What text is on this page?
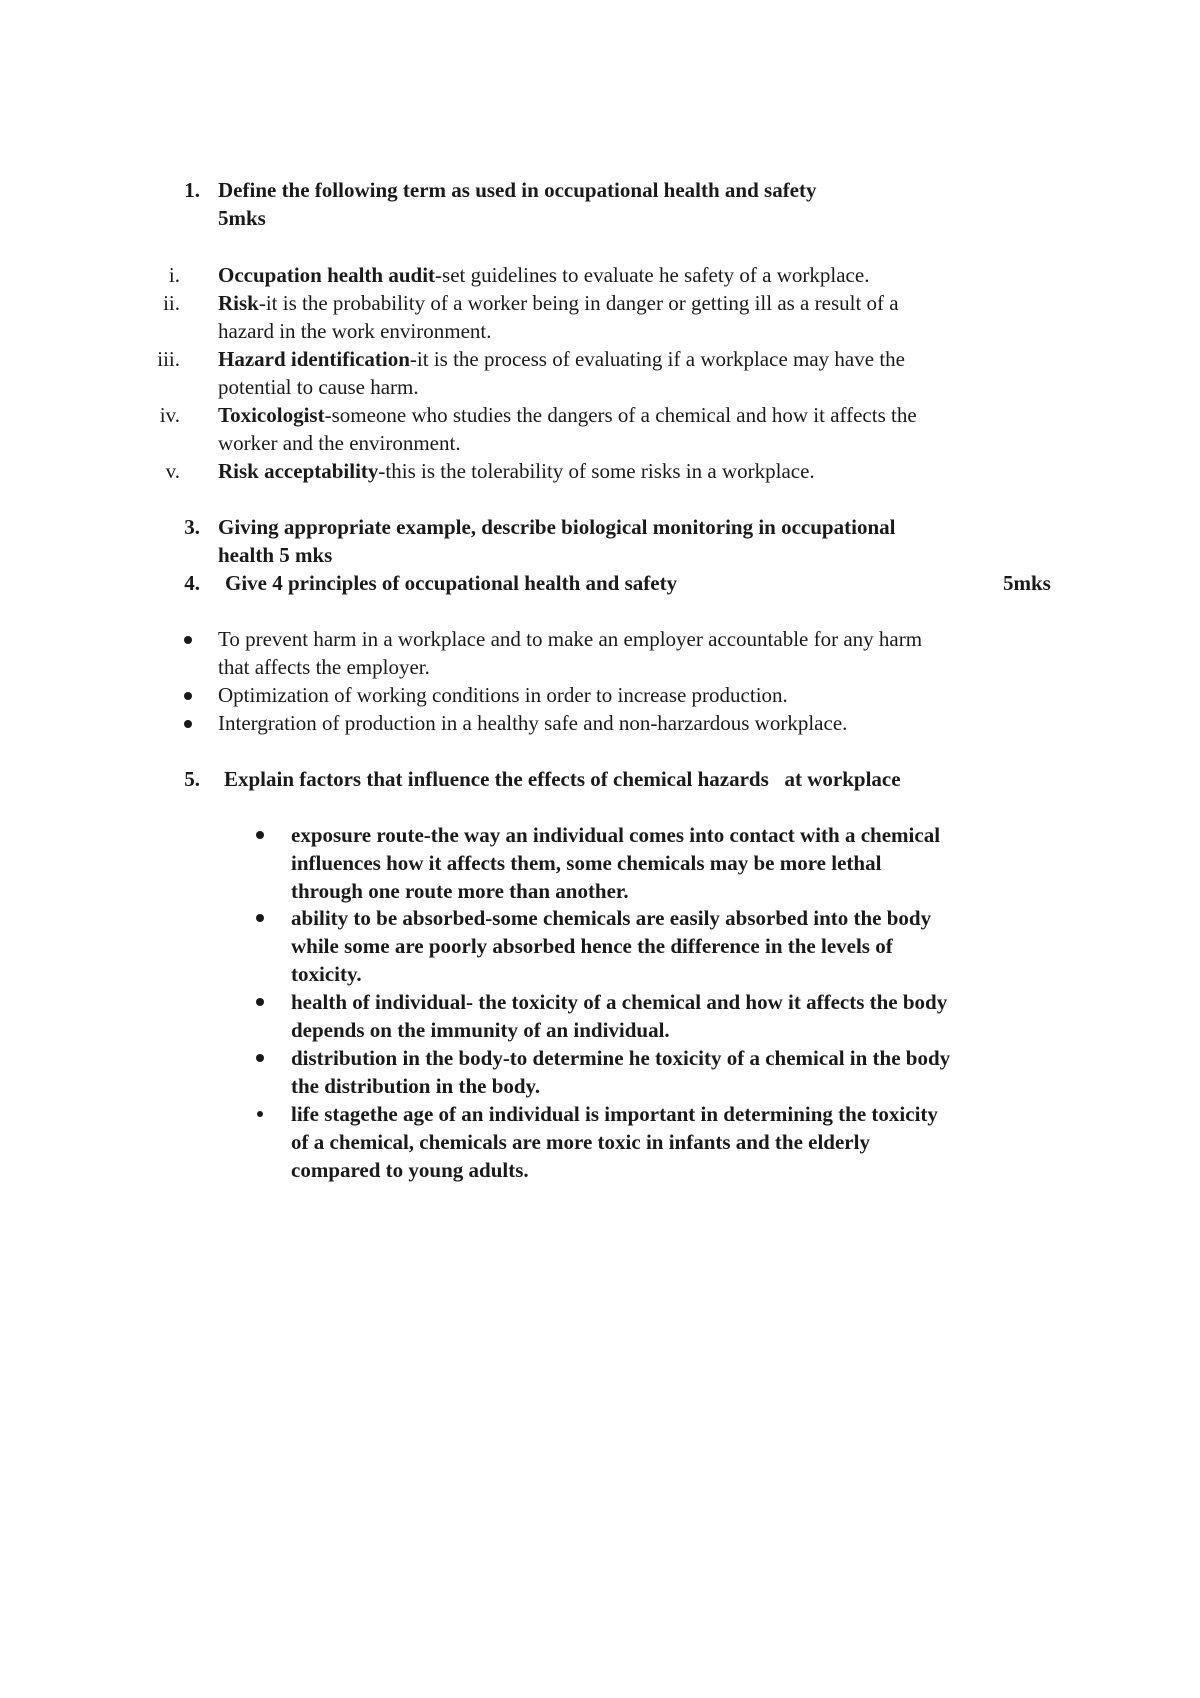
1. Define the following term as used in occupational health and safety
5mks
i. Occupation health audit-set guidelines to evaluate he safety of a workplace.
ii. Risk-it is the probability of a worker being in danger or getting ill as a result of a
hazard in the work environment.
iii. Hazard identification-it is the process of evaluating if a workplace may have the
potential to cause harm.
iv. Toxicologist-someone who studies the dangers of a chemical and how it affects the
worker and the environment.
v. Risk acceptability-this is the tolerability of some risks in a workplace.
3. Giving appropriate example, describe biological monitoring in occupational
health 5 mks
4. Give 4 principles of occupational health and safety	5mks
To prevent harm in a workplace and to make an employer accountable for any harm
that affects the employer.
Optimization of working conditions in order to increase production.
Intergration of production in a healthy safe and non-harzardous workplace.
5. Explain factors that influence the effects of chemical hazards   at workplace
exposure route-the way an individual comes into contact with a chemical
influences how it affects them, some chemicals may be more lethal
through one route more than another.
ability to be absorbed-some chemicals are easily absorbed into the body
while some are poorly absorbed hence the difference in the levels of
toxicity.
health of individual- the toxicity of a chemical and how it affects the body
depends on the immunity of an individual.
distribution in the body-to determine he toxicity of a chemical in the body
the distribution in the body.
life stagethe age of an individual is important in determining the toxicity
of a chemical, chemicals are more toxic in infants and the elderly
compared to young adults.
